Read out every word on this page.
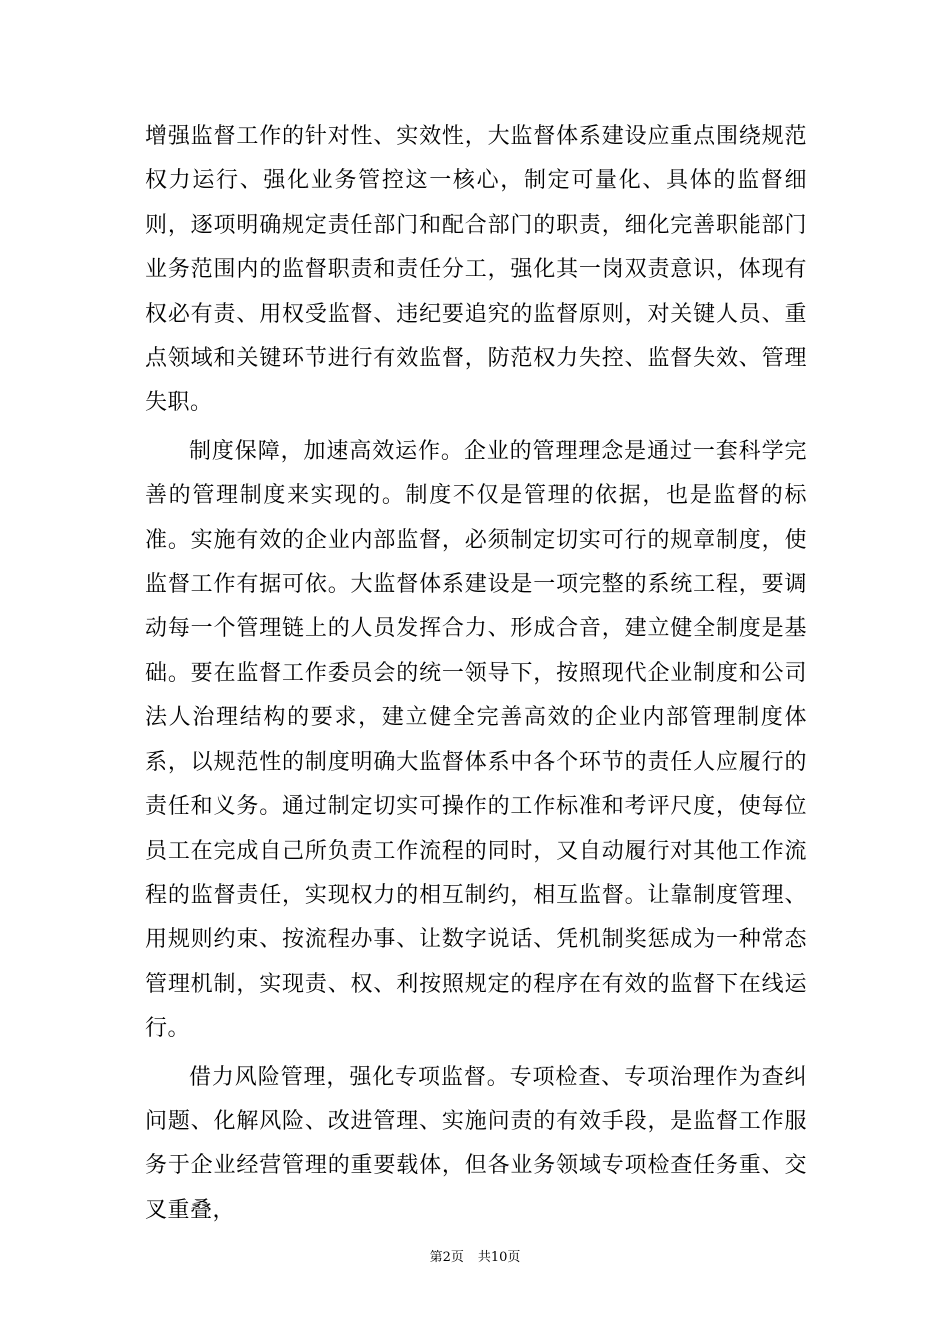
增强监督工作的针对性、实效性，大监督体系建设应重点围绕规范权力运行、强化业务管控这一核心，制定可量化、具体的监督细则，逐项明确规定责任部门和配合部门的职责，细化完善职能部门业务范围内的监督职责和责任分工，强化其一岗双责意识，体现有权必有责、用权受监督、违纪要追究的监督原则，对关键人员、重点领域和关键环节进行有效监督，防范权力失控、监督失效、管理失职。

制度保障，加速高效运作。企业的管理理念是通过一套科学完善的管理制度来实现的。制度不仅是管理的依据，也是监督的标准。实施有效的企业内部监督，必须制定切实可行的规章制度，使监督工作有据可依。大监督体系建设是一项完整的系统工程，要调动每一个管理链上的人员发挥合力、形成合音，建立健全制度是基础。要在监督工作委员会的统一领导下，按照现代企业制度和公司法人治理结构的要求，建立健全完善高效的企业内部管理制度体系，以规范性的制度明确大监督体系中各个环节的责任人应履行的责任和义务。通过制定切实可操作的工作标准和考评尺度，使每位员工在完成自己所负责工作流程的同时，又自动履行对其他工作流程的监督责任，实现权力的相互制约，相互监督。让靠制度管理、用规则约束、按流程办事、让数字说话、凭机制奖惩成为一种常态管理机制，实现责、权、利按照规定的程序在有效的监督下在线运行。

借力风险管理，强化专项监督。专项检查、专项治理作为查纠问题、化解风险、改进管理、实施问责的有效手段，是监督工作服务于企业经营管理的重要载体，但各业务领域专项检查任务重、交叉重叠，

第2页 共10页
